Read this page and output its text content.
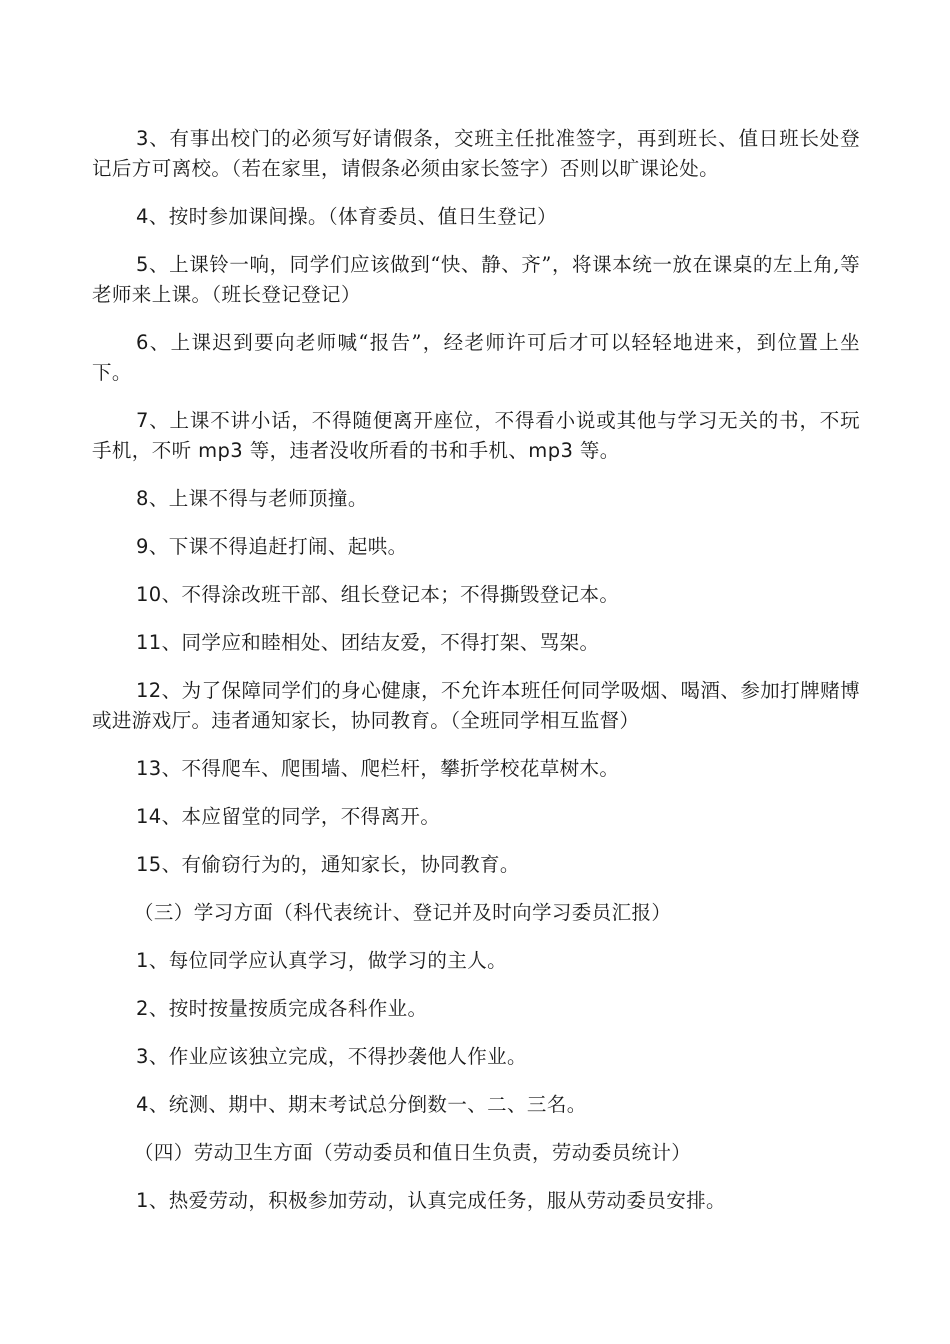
3、有事出校门的必须写好请假条，交班主任批准签字，再到班长、值日班长处登记后方可离校。（若在家里，请假条必须由家长签字）否则以旷课论处。

4、按时参加课间操。（体育委员、值日生登记）

5、上课铃一响，同学们应该做到“快、静、齐”，将课本统一放在课桌的左上角,等老师来上课。（班长登记登记）

6、上课迟到要向老师喊“报告”，经老师许可后才可以轻轻地进来，到位置上坐下。

7、上课不讲小话，不得随便离开座位，不得看小说或其他与学习无关的书，不玩手机，不听 mp3 等，违者没收所看的书和手机、mp3 等。

8、上课不得与老师顶撞。

9、下课不得追赶打闹、起哄。

10、不得涂改班干部、组长登记本；不得撕毁登记本。

11、同学应和睦相处、团结友爱，不得打架、骂架。

12、为了保障同学们的身心健康，不允许本班任何同学吸烟、喝酒、参加打牌赌博或进游戏厅。违者通知家长，协同教育。（全班同学相互监督）

13、不得爬车、爬围墙、爬栏杆，攀折学校花草树木。

14、本应留堂的同学，不得离开。

15、有偷窃行为的，通知家长，协同教育。

（三）学习方面（科代表统计、登记并及时向学习委员汇报）

1、每位同学应认真学习，做学习的主人。

2、按时按量按质完成各科作业。

3、作业应该独立完成，不得抄袭他人作业。

4、统测、期中、期末考试总分倒数一、二、三名。

（四）劳动卫生方面（劳动委员和值日生负责，劳动委员统计）

1、热爱劳动，积极参加劳动，认真完成任务，服从劳动委员安排。
